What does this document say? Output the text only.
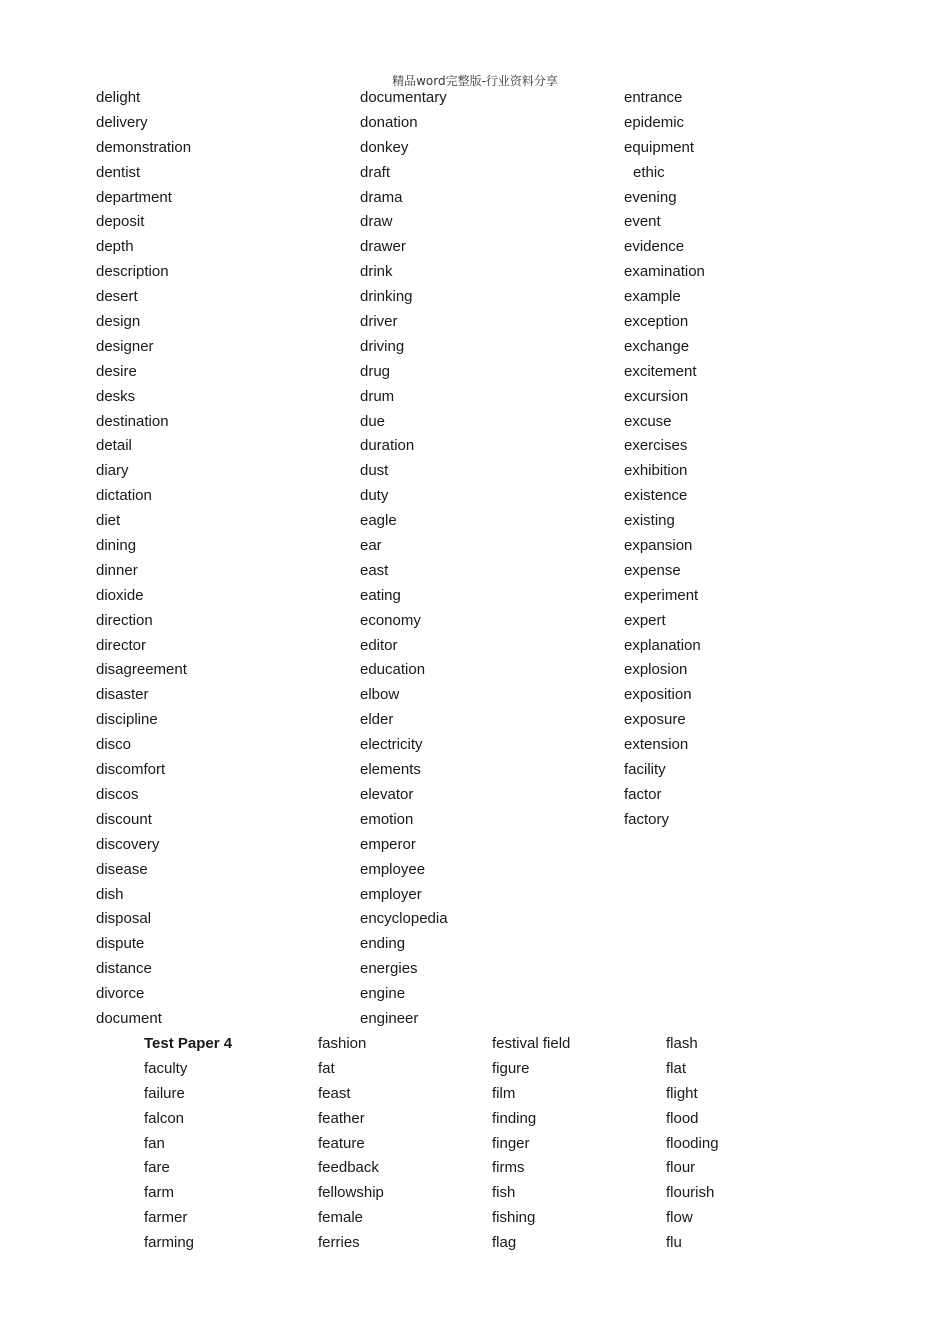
精品word完整版-行业资料分享
delight
delivery
demonstration
dentist
department
deposit
depth
description
desert
design
designer
desire
desks
destination
detail
diary
dictation
diet
dining
dinner
dioxide
direction
director
disagreement
disaster
discipline
disco
discomfort
discos
discount
discovery
disease
dish
disposal
dispute
distance
divorce
document
documentary
donation
donkey
draft
drama
draw
drawer
drink
drinking
driver
driving
drug
drum
due
duration
dust
duty
eagle
ear
east
eating
economy
editor
education
elbow
elder
electricity
elements
elevator
emotion
emperor
employee
employer
encyclopedia
ending
energies
engine
engineer
entrance
epidemic
equipment
ethic
evening
event
evidence
examination
example
exception
exchange
excitement
excursion
excuse
exercises
exhibition
existence
existing
expansion
expense
experiment
expert
explanation
explosion
exposition
exposure
extension
facility
factor
factory
Test Paper 4
faculty
failure
falcon
fan
fare
farm
farmer
farming
fashion
fat
feast
feather
feature
feedback
fellowship
female
ferries
festival field
figure
film
finding
finger
firms
fish
fishing
flag
flash
flat
flight
flood
flooding
flour
flourish
flow
flu
